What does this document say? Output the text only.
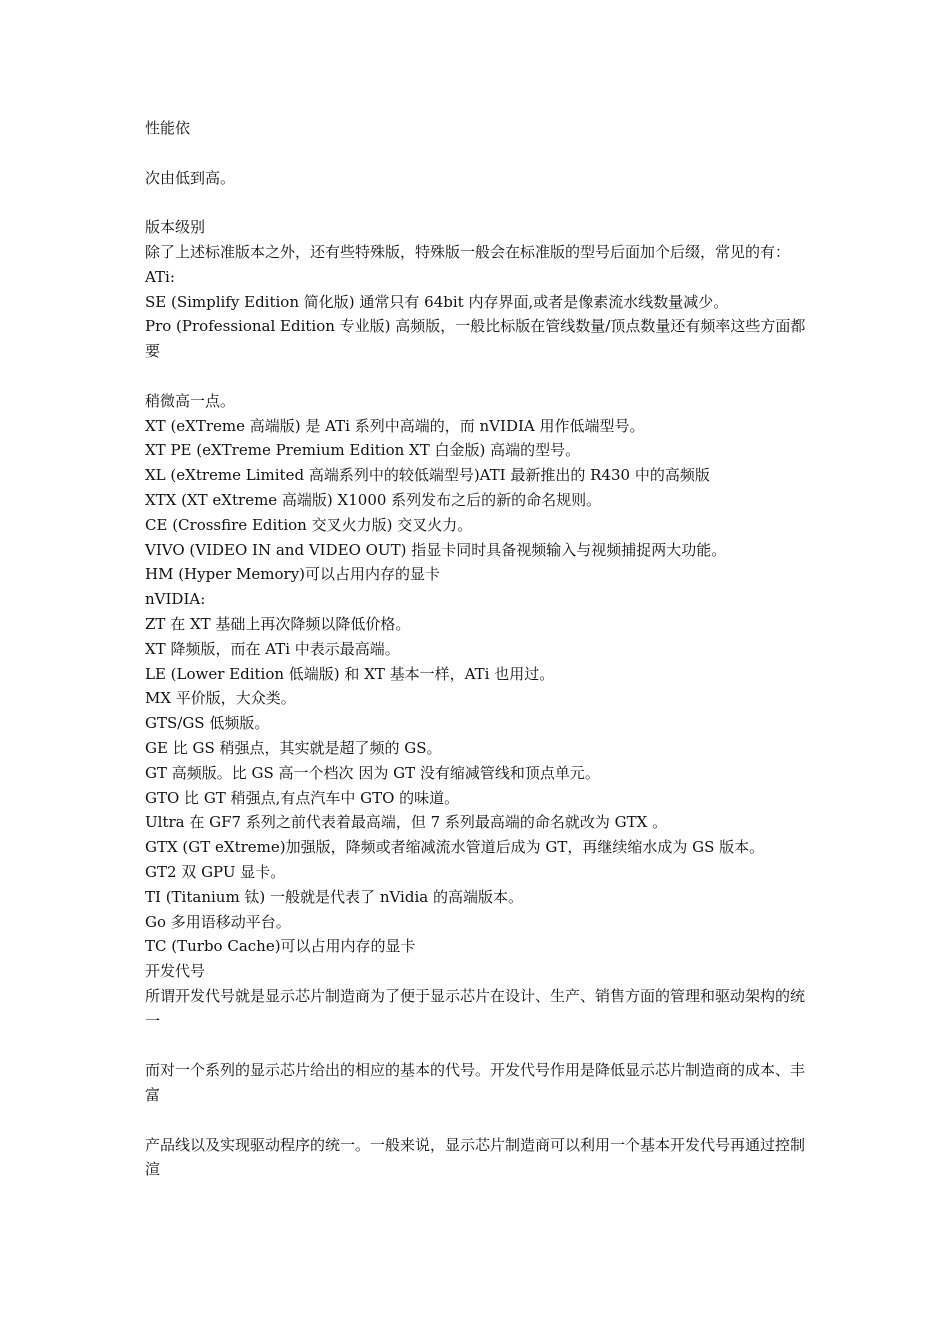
性能依
次由低到高。
版本级别
除了上述标准版本之外，还有些特殊版，特殊版一般会在标准版的型号后面加个后缀，常见的有：
ATi:
SE (Simplify Edition 简化版) 通常只有 64bit 内存界面,或者是像素流水线数量减少。
Pro (Professional Edition 专业版) 高频版，一般比标版在管线数量/顶点数量还有频率这些方面都要
稍微高一点。
XT (eXTreme 高端版) 是 ATi 系列中高端的，而 nVIDIA 用作低端型号。
XT PE (eXTreme Premium Edition XT 白金版) 高端的型号。
XL (eXtreme Limited 高端系列中的较低端型号)ATI 最新推出的 R430 中的高频版
XTX (XT eXtreme 高端版) X1000 系列发布之后的新的命名规则。
CE (Crossfire Edition 交叉火力版) 交叉火力。
VIVO (VIDEO IN and VIDEO OUT) 指显卡同时具备视频输入与视频捕捉两大功能。
HM (Hyper Memory)可以占用内存的显卡
nVIDIA:
ZT 在 XT 基础上再次降频以降低价格。
XT 降频版，而在 ATi 中表示最高端。
LE (Lower Edition 低端版) 和 XT 基本一样，ATi 也用过。
MX 平价版，大众类。
GTS/GS 低频版。
GE 比 GS 稍强点，其实就是超了频的 GS。
GT 高频版。比 GS 高一个档次 因为 GT 没有缩减管线和顶点单元。
GTO 比 GT 稍强点,有点汽车中 GTO 的味道。
Ultra 在 GF7 系列之前代表着最高端，但 7 系列最高端的命名就改为 GTX 。
GTX (GT eXtreme)加强版，降频或者缩减流水管道后成为 GT，再继续缩水成为 GS 版本。
GT2 双 GPU 显卡。
TI (Titanium 钛) 一般就是代表了 nVidia 的高端版本。
Go 多用语移动平台。
TC (Turbo Cache)可以占用内存的显卡
开发代号
所谓开发代号就是显示芯片制造商为了便于显示芯片在设计、生产、销售方面的管理和驱动架构的统一
而对一个系列的显示芯片给出的相应的基本的代号。开发代号作用是降低显示芯片制造商的成本、丰富
产品线以及实现驱动程序的统一。一般来说，显示芯片制造商可以利用一个基本开发代号再通过控制渲
